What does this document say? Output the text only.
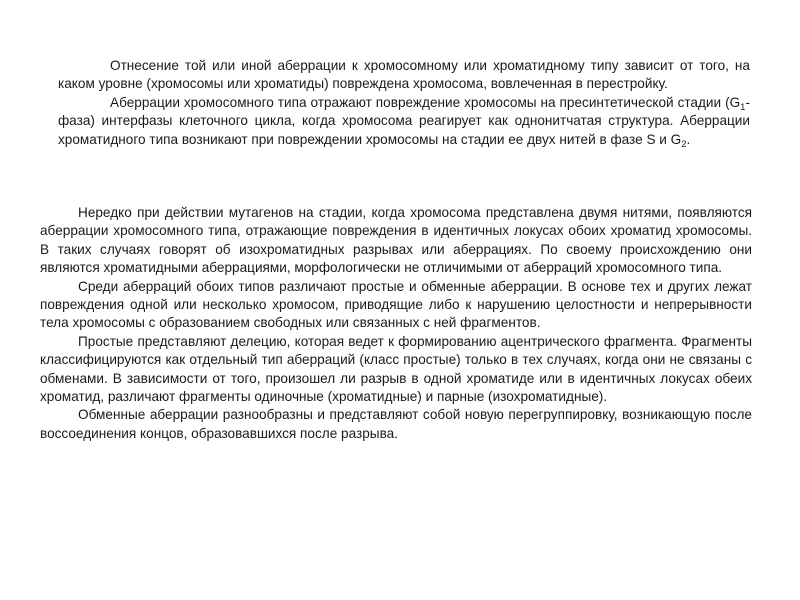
Отнесение той или иной аберрации к хромосомному или хроматидному типу зависит от того, на каком уровне (хромосомы или хроматиды) повреждена хромосома, вовлеченная в перестройку.

Аберрации хромосомного типа отражают повреждение хромосомы на пресинтетической стадии $(G_1-фаза)$ интерфазы клеточного цикла, когда хромосома реагирует как однонитчатая структура. Аберрации хроматидного типа возникают при повреждении хромосомы на стадии ее двух нитей в фазе S и $G_2$.

Нередко при действии мутагенов на стадии, когда хромосома представлена двумя нитями, появляются аберрации хромосомного типа, отражающие повреждения в идентичных локусах обоих хроматид хромосомы. В таких случаях говорят об изохроматидных разрывах или аберрациях. По своему происхождению они являются хроматидными аберрациями, морфологически не отличимыми от аберраций хромосомного типа.

Среди аберраций обоих типов различают простые и обменные аберрации. В основе тех и других лежат повреждения одной или несколько хромосом, приводящие либо к нарушению целостности и непрерывности тела хромосомы с образованием свободных или связанных с ней фрагментов.

Простые представляют делецию, которая ведет к формированию ацентрического фрагмента. Фрагменты классифицируются как отдельный тип аберраций (класс простые) только в тех случаях, когда они не связаны с обменами. В зависимости от того, произошел ли разрыв в одной хроматиде или в идентичных локусах обеих хроматид, различают фрагменты одиночные (хроматидные) и парные (изохроматидные).

Обменные аберрации разнообразны и представляют собой новую перегруппировку, возникающую после воссоединения концов, образовавшихся после разрыва.
